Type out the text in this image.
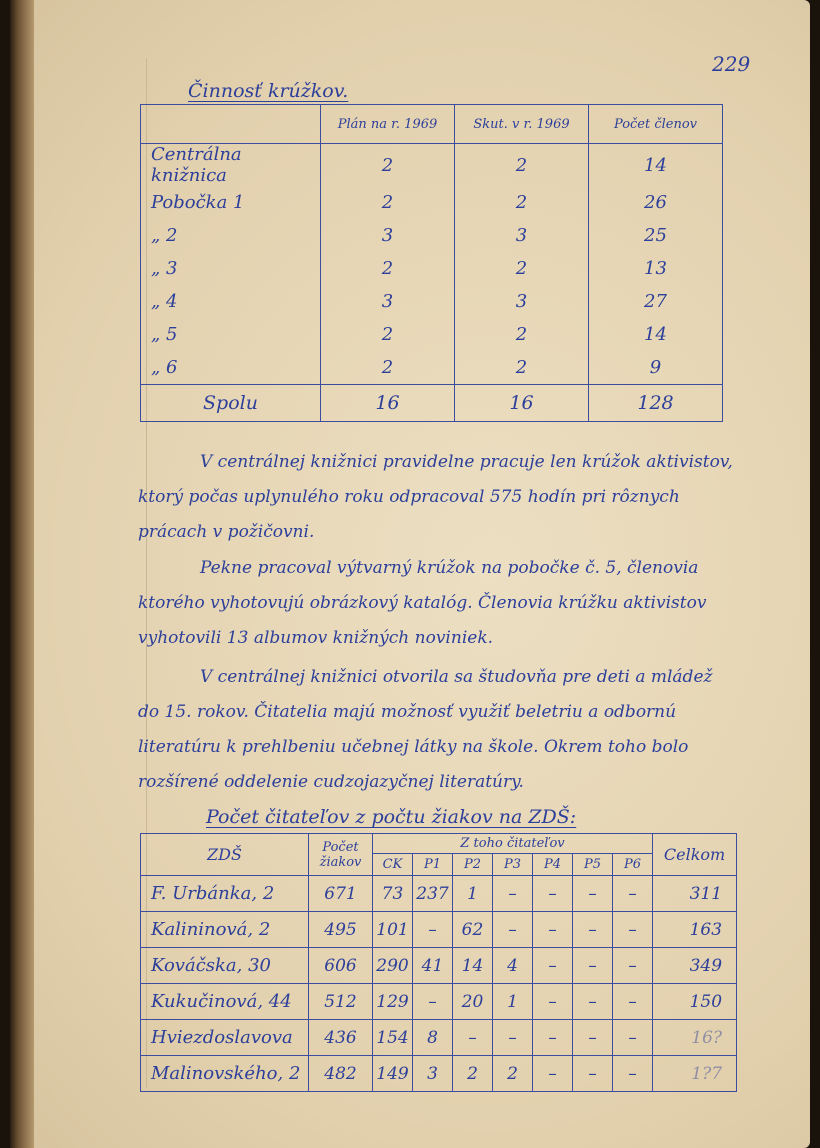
229
Činnosť krúžkov.
	Plán na r. 1969	Skut. v r. 1969	Počet členov
Centrálna knižnica	2	2	14
Pobočka 1	2	2	26
„ 2	3	3	25
„ 3	2	2	13
„ 4	3	3	27
„ 5	2	2	14
„ 6	2	2	9
Spolu	16	16	128

V centrálnej knižnici pravidelne pracuje len krúžok aktivistov, ktorý počas uplynulého roku odpracoval 575 hodín pri rôznych prácach v požičovni.

Pekne pracoval výtvarný krúžok na pobočke č. 5, členovia ktorého vyhotovujú obrázkový katalóg. Členovia krúžku aktivistov vyhotovili 13 albumov knižných noviniek.

V centrálnej knižnici otvorila sa študovňa pre deti a mládež do 15. rokov. Čitatelia majú možnosť využiť beletriu a odbornú literatúru k prehlbeniu učebnej látky na škole. Okrem toho bolo rozšírené oddelenie cudzojazyčnej literatúry.

Počet čitateľov z počtu žiakov na ZDŠ:
ZDŠ	Počet žiakov	Z toho čitateľov							Celkom
		CK	P1	P2	P3	P4	P5	P6	
F. Urbánka, 2	671	73	237	1	–	–	–	–	311
Kalininová, 2	495	101	–	62	–	–	–	–	163
Kováčska, 30	606	290	41	14	4	–	–	–	349
Kukučinová, 44	512	129	–	20	1	–	–	–	150
Hviezdoslavova	436	154	8	–	–	–	–	–	16?
Malinovského, 2	482	149	3	2	2	–	–	–	1?7
